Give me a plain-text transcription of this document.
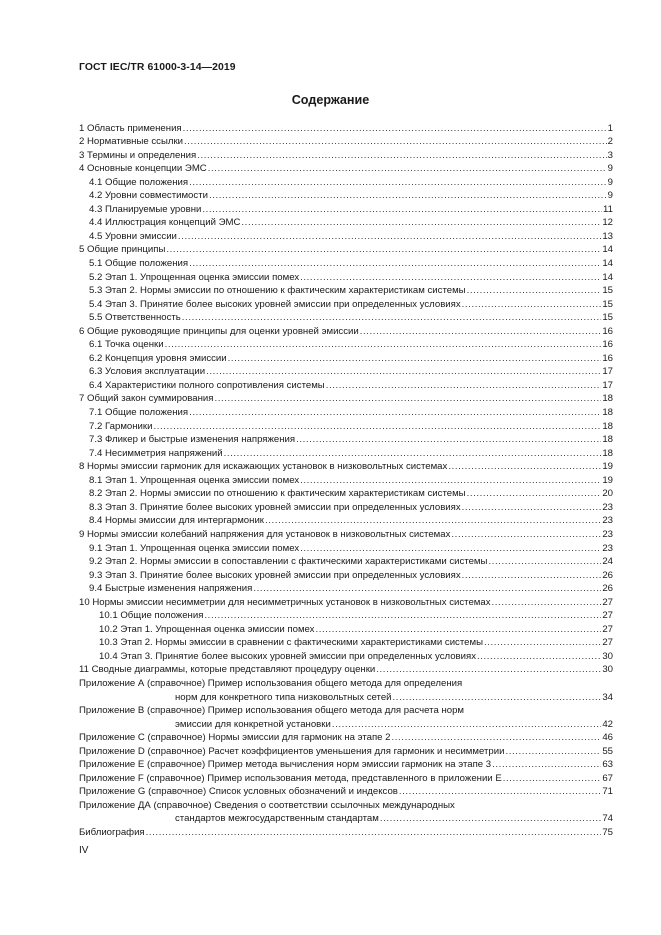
ГОСТ IEC/TR 61000-3-14—2019
Содержание
1 Область применения .....	1
2 Нормативные ссылки .....	2
3 Термины и определения .....	3
4 Основные концепции ЭМС .....	9
4.1 Общие положения .....	9
4.2 Уровни совместимости .....	9
4.3 Планируемые уровни .....	11
4.4 Иллюстрация концепций ЭМС .....	12
4.5 Уровни эмиссии .....	13
5 Общие принципы .....	14
5.1 Общие положения .....	14
5.2 Этап 1. Упрощенная оценка эмиссии помех .....	14
5.3 Этап 2. Нормы эмиссии по отношению к фактическим характеристикам системы .....	15
5.4 Этап 3. Принятие более высоких уровней эмиссии при определенных условиях .....	15
5.5 Ответственность .....	15
6 Общие руководящие принципы для оценки уровней эмиссии .....	16
6.1 Точка оценки .....	16
6.2 Концепция уровня эмиссии .....	16
6.3 Условия эксплуатации .....	17
6.4 Характеристики полного сопротивления системы .....	17
7 Общий закон суммирования .....	18
7.1 Общие положения .....	18
7.2 Гармоники .....	18
7.3 Фликер и быстрые изменения напряжения .....	18
7.4 Несимметрия напряжений .....	18
8 Нормы эмиссии гармоник для искажающих установок в низковольтных системах .....	19
8.1 Этап 1. Упрощенная оценка эмиссии помех .....	19
8.2 Этап 2. Нормы эмиссии по отношению к фактическим характеристикам системы .....	20
8.3 Этап 3. Принятие более высоких уровней эмиссии при определенных условиях .....	23
8.4 Нормы эмиссии для интергармоник .....	23
9 Нормы эмиссии колебаний напряжения для установок в низковольтных системах .....	23
9.1 Этап 1. Упрощенная оценка эмиссии помех .....	23
9.2 Этап 2. Нормы эмиссии в сопоставлении с фактическими характеристиками системы .....	24
9.3 Этап 3. Принятие более высоких уровней эмиссии при определенных условиях .....	26
9.4 Быстрые изменения напряжения .....	26
10 Нормы эмиссии несимметрии для несимметричных установок в низковольтных системах .....	27
10.1 Общие положения .....	27
10.2 Этап 1. Упрощенная оценка эмиссии помех .....	27
10.3 Этап 2. Нормы эмиссии в сравнении с фактическими характеристиками системы .....	27
10.4 Этап 3. Принятие более высоких уровней эмиссии при определенных условиях .....	30
11 Сводные диаграммы, которые представляют процедуру оценки .....	30
Приложение А (справочное) Пример использования общего метода для определения
норм для конкретного типа низковольтных сетей .....	34
Приложение В (справочное) Пример использования общего метода для расчета норм
эмиссии для конкретной установки .....	42
Приложение С (справочное) Нормы эмиссии для гармоник на этапе 2 .....	46
Приложение D (справочное) Расчет коэффициентов уменьшения для гармоник и несимметрии .....	55
Приложение Е (справочное) Пример метода вычисления норм эмиссии гармоник на этапе 3 .....	63
Приложение F (справочное) Пример использования метода, представленного в приложении Е .....	67
Приложение G (справочное) Список условных обозначений и индексов .....	71
Приложение ДА (справочное) Сведения о соответствии ссылочных международных
стандартов межгосударственным стандартам .....	74
Библиография .....	75
IV
